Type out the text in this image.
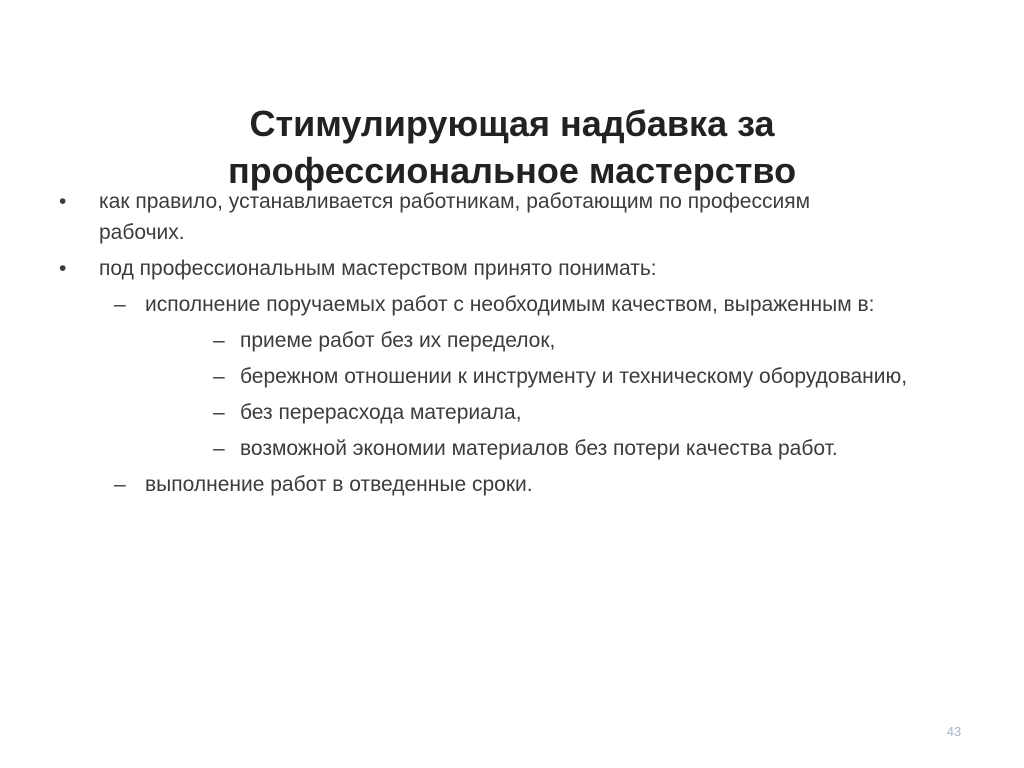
Стимулирующая надбавка за
профессиональное мастерство
• как правило, устанавливается работникам, работающим по профессиям рабочих.
• под профессиональным мастерством принято понимать:
– исполнение поручаемых работ с необходимым качеством, выраженным в:
– приеме работ без их переделок,
– бережном отношении к инструменту и техническому оборудованию,
– без перерасхода материала,
– возможной экономии материалов без потери качества работ.
– выполнение работ в отведенные сроки.
43
